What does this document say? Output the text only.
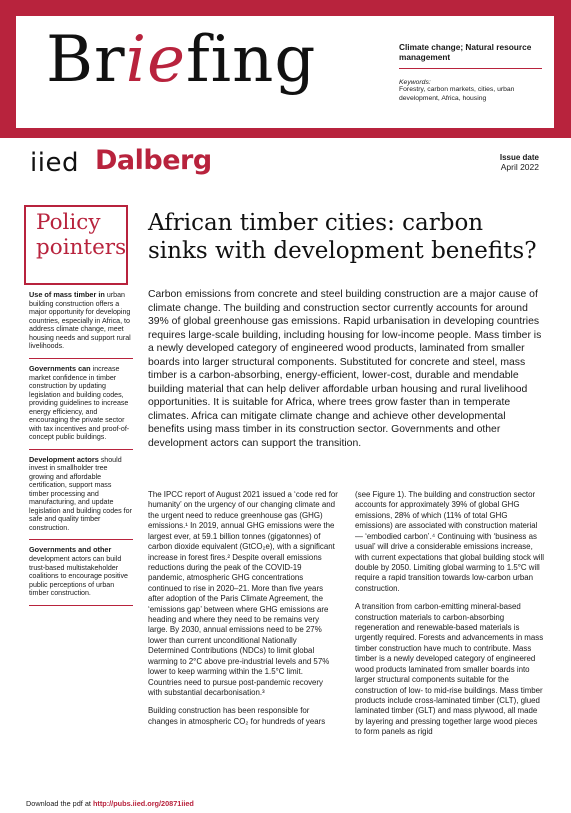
Briefing	Climate change; Natural resource management
Keywords:
Forestry, carbon markets, cities, urban development, Africa, housing
iied Dalberg	Issue date
April 2022
Policy
pointers
Use of mass timber in urban building construction offers a major opportunity for developing countries, especially in Africa, to address climate change, meet housing needs and support rural livelihoods.
Governments can increase market confidence in timber construction by updating legislation and building codes, providing guidelines to increase energy efficiency, and encouraging the private sector with tax incentives and proof-of-concept public buildings.
Development actors should invest in smallholder tree growing and affordable certification, support mass timber processing and manufacturing, and update legislation and building codes for safe and quality timber construction.
Governments and other development actors can build trust-based multistakeholder coalitions to encourage positive public perceptions of urban timber construction.
African timber cities: carbon sinks with development benefits?
Carbon emissions from concrete and steel building construction are a major cause of climate change. The building and construction sector currently accounts for around 39% of global greenhouse gas emissions. Rapid urbanisation in developing countries requires large-scale building, including housing for low-income people. Mass timber is a newly developed category of engineered wood products, laminated from smaller boards into larger structural components. Substituted for concrete and steel, mass timber is a carbon-absorbing, energy-efficient, lower-cost, durable and mendable building material that can help deliver affordable urban housing and rural livelihood opportunities. It is suitable for Africa, where trees grow faster than in temperate climates. Africa can mitigate climate change and achieve other developmental benefits using mass timber in its construction sector. Governments and other development actors can support the transition.

The IPCC report of August 2021 issued a ‘code red for humanity’ on the urgency of our changing climate and the urgent need to reduce greenhouse gas (GHG) emissions.¹ In 2019, annual GHG emissions were the largest ever, at 59.1 billion tonnes (gigatonnes) of carbon dioxide equivalent (GtCO₂e), with a significant increase in forest fires.² Despite overall emissions reductions during the peak of the COVID-19 pandemic, atmospheric GHG concentrations continued to rise in 2020–21. More than five years after adoption of the Paris Climate Agreement, the ‘emissions gap’ between where GHG emissions are heading and where they need to be remains very large. By 2030, annual emissions need to be 27% lower than current unconditional Nationally Determined Contributions (NDCs) to limit global warming to 2°C above pre-industrial levels and 57% lower to keep warming within the 1.5°C limit. Countries need to pursue post-pandemic recovery with substantial decarbonisation.³

Building construction has been responsible for changes in atmospheric CO₂ for hundreds of years

(see Figure 1). The building and construction sector accounts for approximately 39% of global GHG emissions, 28% of which (11% of total GHG emissions) are associated with construction material — ‘embodied carbon’.⁴ Continuing with ‘business as usual’ will drive a considerable emissions increase, with current expectations that global building stock will double by 2050. Limiting global warming to 1.5°C will require a rapid transition towards low-carbon urban construction.

A transition from carbon-emitting mineral-based construction materials to carbon-absorbing regeneration and renewable-based materials is urgently required. Forests and advancements in mass timber construction have much to contribute. Mass timber is a newly developed category of engineered wood products laminated from smaller boards into larger structural components suitable for the construction of low- to mid-rise buildings. Mass timber products include cross-laminated timber (CLT), glued laminated timber (GLT) and mass plywood, all made by layering and pressing together large wood pieces to form panels as rigid

Download the pdf at http://pubs.iied.org/20871iied
